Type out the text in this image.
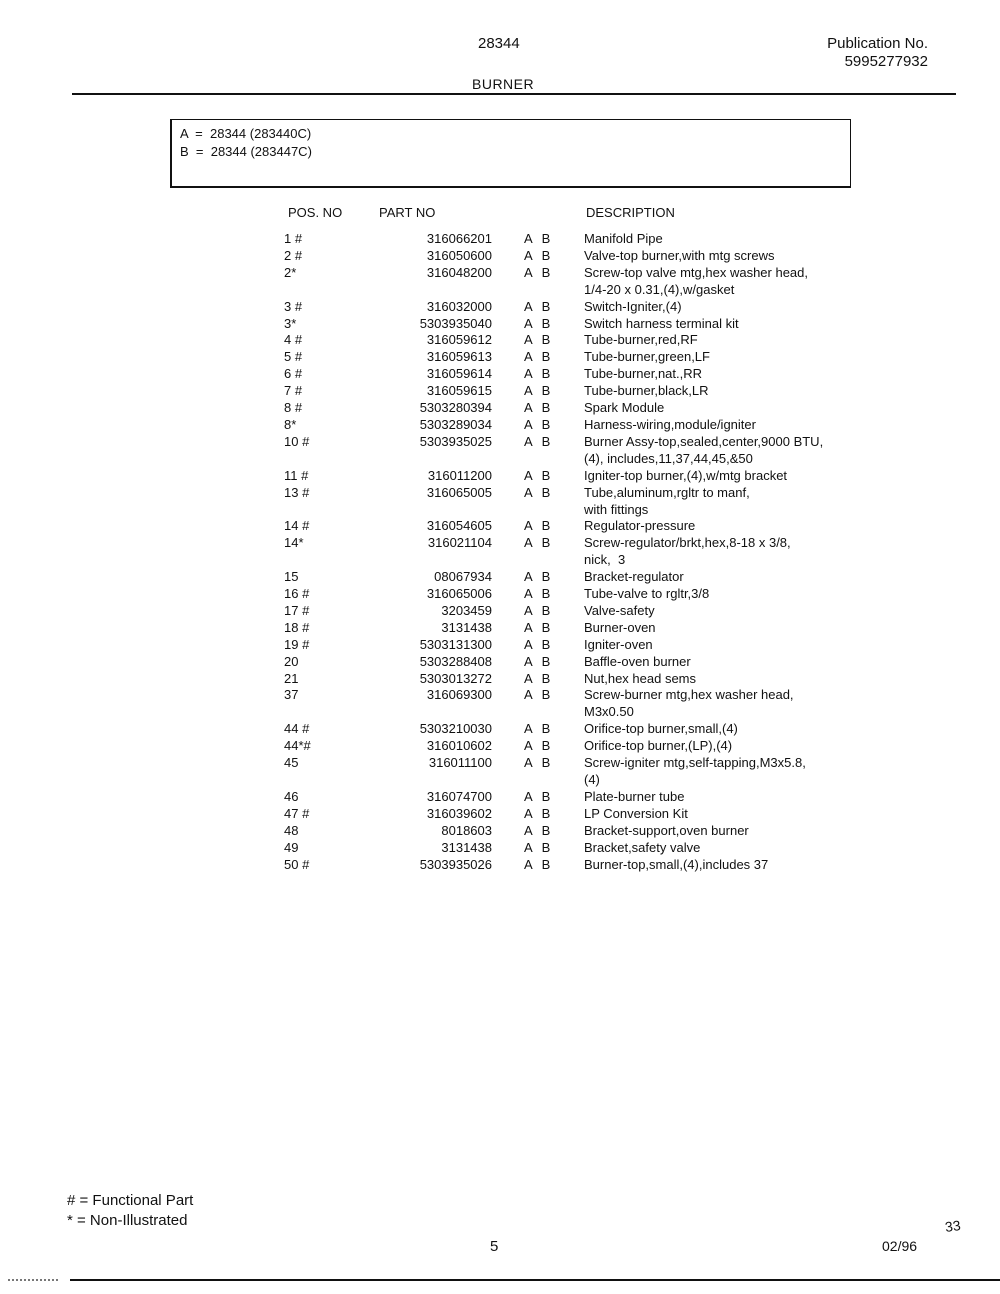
28344	Publication No.
5995277932
BURNER
A  =  28344 (283440C)
B  =  28344 (283447C)
POS. NO	PART NO	DESCRIPTION
1 #	316066201 A B	Manifold Pipe
2 #	316050600 A B	Valve-top burner,with mtg screws
2*	316048200 A B	Screw-top valve mtg,hex washer head,
1/4-20 x 0.31,(4),w/gasket
3 #	316032000 A B	Switch-Igniter,(4)
3*	5303935040 A B	Switch harness terminal kit
4 #	316059612 A B	Tube-burner,red,RF
5 #	316059613 A B	Tube-burner,green,LF
6 #	316059614 A B	Tube-burner,nat.,RR
7 #	316059615 A B	Tube-burner,black,LR
8 #	5303280394 A B	Spark Module
8*	5303289034 A B	Harness-wiring,module/igniter
10 #	5303935025 A B	Burner Assy-top,sealed,center,9000 BTU,
(4), includes,11,37,44,45,&50
11 #	316011200 A B	Igniter-top burner,(4),w/mtg bracket
13 #	316065005 A B	Tube,aluminum,rgltr to manf,
with fittings
14 #	316054605 A B	Regulator-pressure
14*	316021104 A B	Screw-regulator/brkt,hex,8-18 x 3/8,
nick,  3
15	08067934 A B	Bracket-regulator
16 #	316065006 A B	Tube-valve to rgltr,3/8
17 #	3203459 A B	Valve-safety
18 #	3131438 A B	Burner-oven
19 #	5303131300 A B	Igniter-oven
20	5303288408 A B	Baffle-oven burner
21	5303013272 A B	Nut,hex head sems
37	316069300 A B	Screw-burner mtg,hex washer head,
M3x0.50
44 #	5303210030 A B	Orifice-top burner,small,(4)
44*#	316010602 A B	Orifice-top burner,(LP),(4)
45	316011100 A B	Screw-igniter mtg,self-tapping,M3x5.8,
(4)
46	316074700 A B	Plate-burner tube
47 #	316039602 A B	LP Conversion Kit
48	8018603 A B	Bracket-support,oven burner
49	3131438 A B	Bracket,safety valve
50 #	5303935026 A B	Burner-top,small,(4),includes 37
# = Functional Part
* = Non-Illustrated
5	02/96
33
